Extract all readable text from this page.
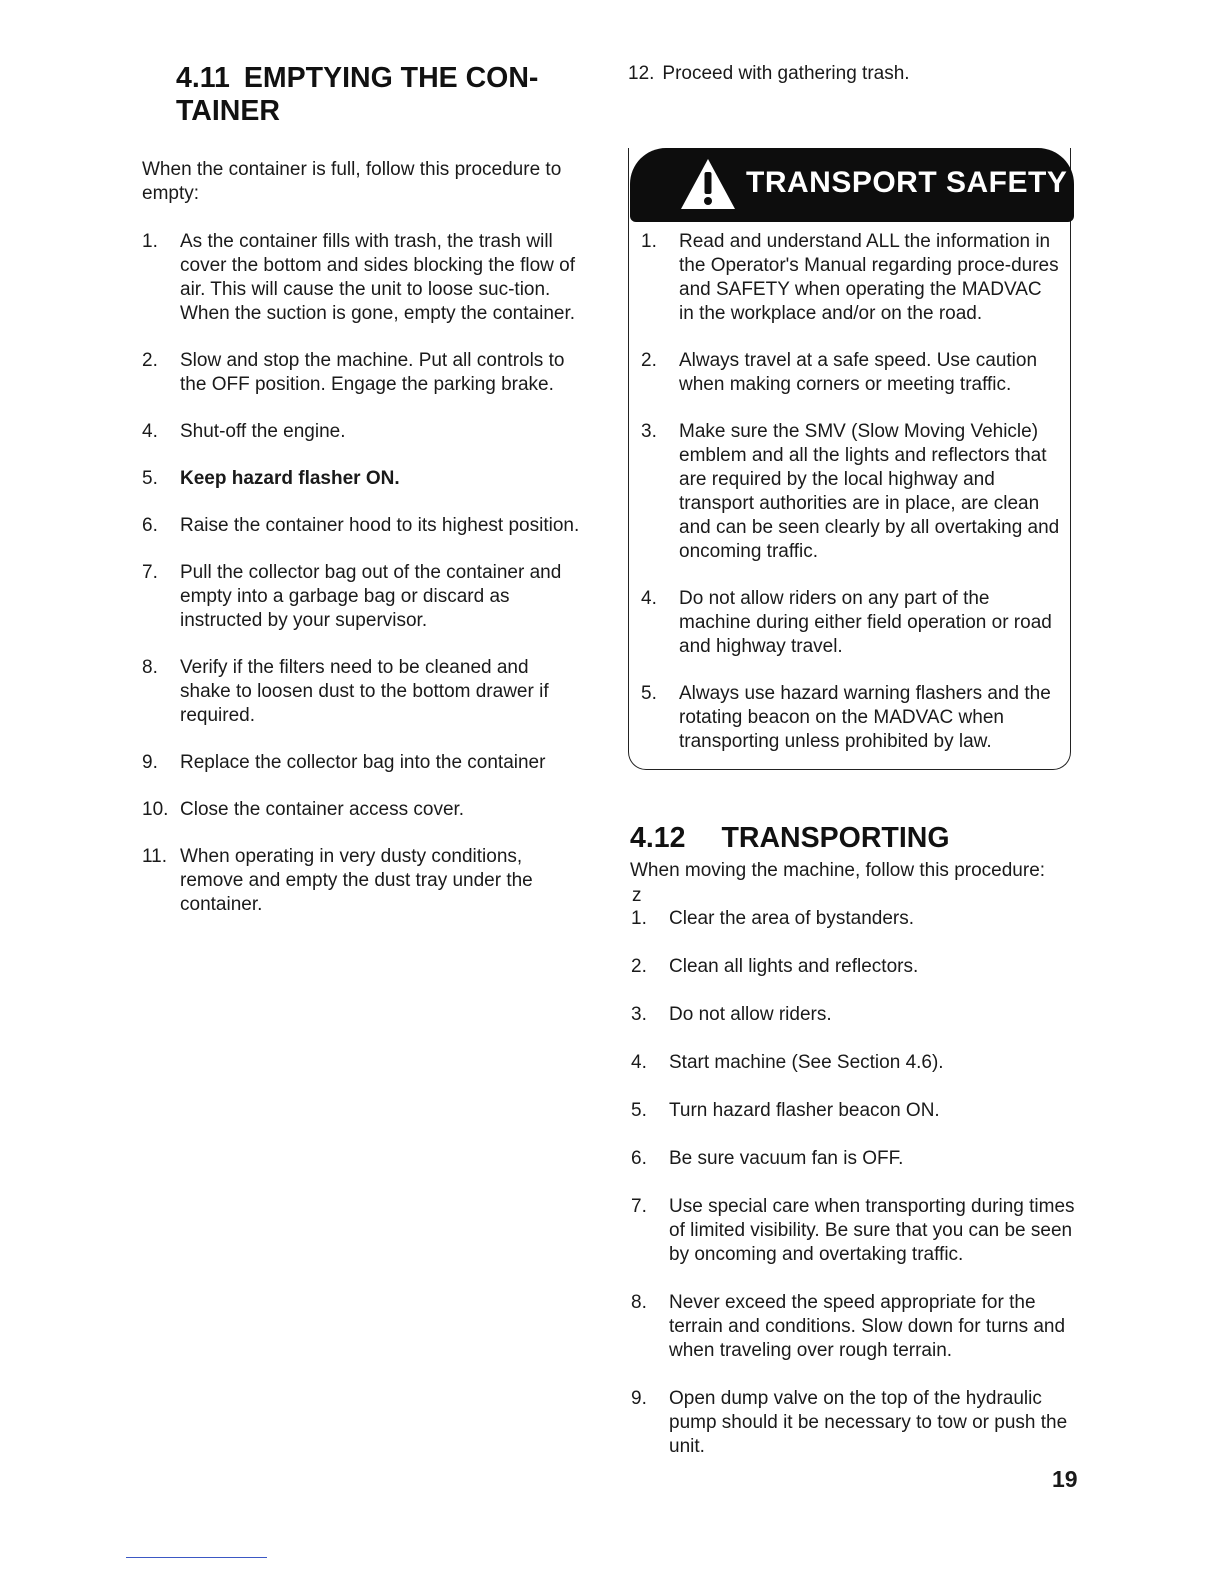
4.11 EMPTYING THE CON-
TAINER

When the container is full, follow this procedure to empty:

1. As the container fills with trash, the trash will cover the bottom and sides blocking the flow of air. This will cause the unit to loose suc-tion. When the suction is gone, empty the container.
2. Slow and stop the machine. Put all controls to the OFF position. Engage the parking brake.
4. Shut-off the engine.
5. Keep hazard flasher ON.
6. Raise the container hood to its highest position.
7. Pull the collector bag out of the container and empty into a garbage bag or discard as instructed by your supervisor.
8. Verify if the filters need to be cleaned and shake to loosen dust to the bottom drawer if required.
9. Replace the collector bag into the container
10. Close the container access cover.
11. When operating in very dusty conditions, remove and empty the dust tray under the container.

12. Proceed with gathering trash.

1. Read and understand ALL the information in the Operator's Manual regarding proce-dures and SAFETY when operating the MADVAC in the workplace and/or on the road.
2. Always travel at a safe speed. Use caution when making corners or meeting traffic.
3. Make sure the SMV (Slow Moving Vehicle) emblem and all the lights and reflectors that are required by the local highway and transport authorities are in place, are clean and can be seen clearly by all overtaking and oncoming traffic.
4. Do not allow riders on any part of the machine during either field operation or road and highway travel.
5. Always use hazard warning flashers and the rotating beacon on the MADVAC when transporting unless prohibited by law.
TRANSPORT SAFETY
4.12 TRANSPORTING
When moving the machine, follow this procedure:
z
1. Clear the area of bystanders.
2. Clean all lights and reflectors.
3. Do not allow riders.
4. Start machine (See Section 4.6).
5. Turn hazard flasher beacon ON.
6. Be sure vacuum fan is OFF.
7. Use special care when transporting during times of limited visibility. Be sure that you can be seen by oncoming and overtaking traffic.
8. Never exceed the speed appropriate for the terrain and conditions. Slow down for turns and when traveling over rough terrain.
9. Open dump valve on the top of the hydraulic pump should it be necessary to tow or push the unit.
19
